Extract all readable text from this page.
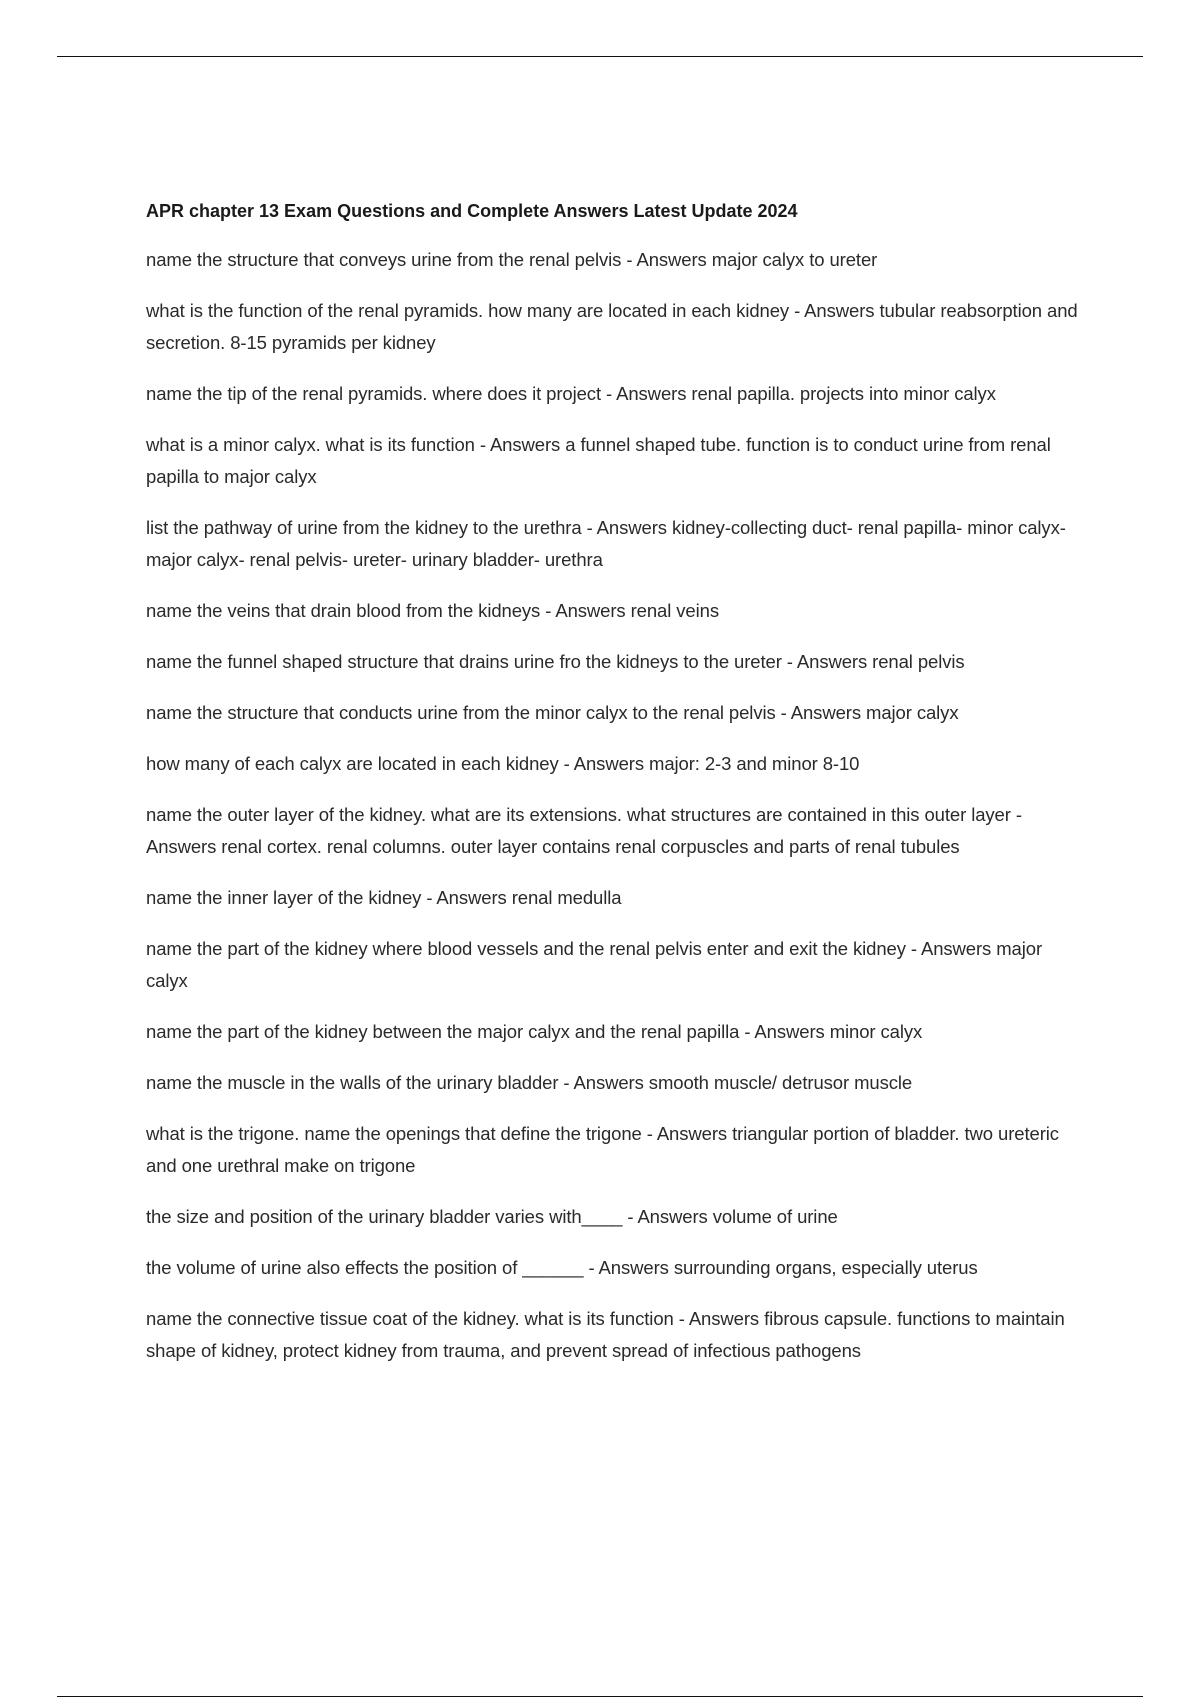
APR chapter 13 Exam Questions and Complete Answers Latest Update 2024

name the structure that conveys urine from the renal pelvis - Answers major calyx to ureter

what is the function of the renal pyramids. how many are located in each kidney - Answers tubular reabsorption and secretion. 8-15 pyramids per kidney

name the tip of the renal pyramids. where does it project - Answers renal papilla. projects into minor calyx

what is a minor calyx. what is its function - Answers a funnel shaped tube. function is to conduct urine from renal papilla to major calyx

list the pathway of urine from the kidney to the urethra - Answers kidney-collecting duct- renal papilla- minor calyx- major calyx- renal pelvis- ureter- urinary bladder- urethra

name the veins that drain blood from the kidneys - Answers renal veins

name the funnel shaped structure that drains urine fro the kidneys to the ureter - Answers renal pelvis

name the structure that conducts urine from the minor calyx to the renal pelvis - Answers major calyx

how many of each calyx are located in each kidney - Answers major: 2-3 and minor 8-10

name the outer layer of the kidney. what are its extensions. what structures are contained in this outer layer - Answers renal cortex. renal columns. outer layer contains renal corpuscles and parts of renal tubules

name the inner layer of the kidney - Answers renal medulla

name the part of the kidney where blood vessels and the renal pelvis enter and exit the kidney - Answers major calyx

name the part of the kidney between the major calyx and the renal papilla - Answers minor calyx

name the muscle in the walls of the urinary bladder - Answers smooth muscle/ detrusor muscle

what is the trigone. name the openings that define the trigone - Answers triangular portion of bladder. two ureteric and one urethral make on trigone

the size and position of the urinary bladder varies with____ - Answers volume of urine

the volume of urine also effects the position of ______ - Answers surrounding organs, especially uterus

name the connective tissue coat of the kidney. what is its function - Answers fibrous capsule. functions to maintain shape of kidney, protect kidney from trauma, and prevent spread of infectious pathogens
